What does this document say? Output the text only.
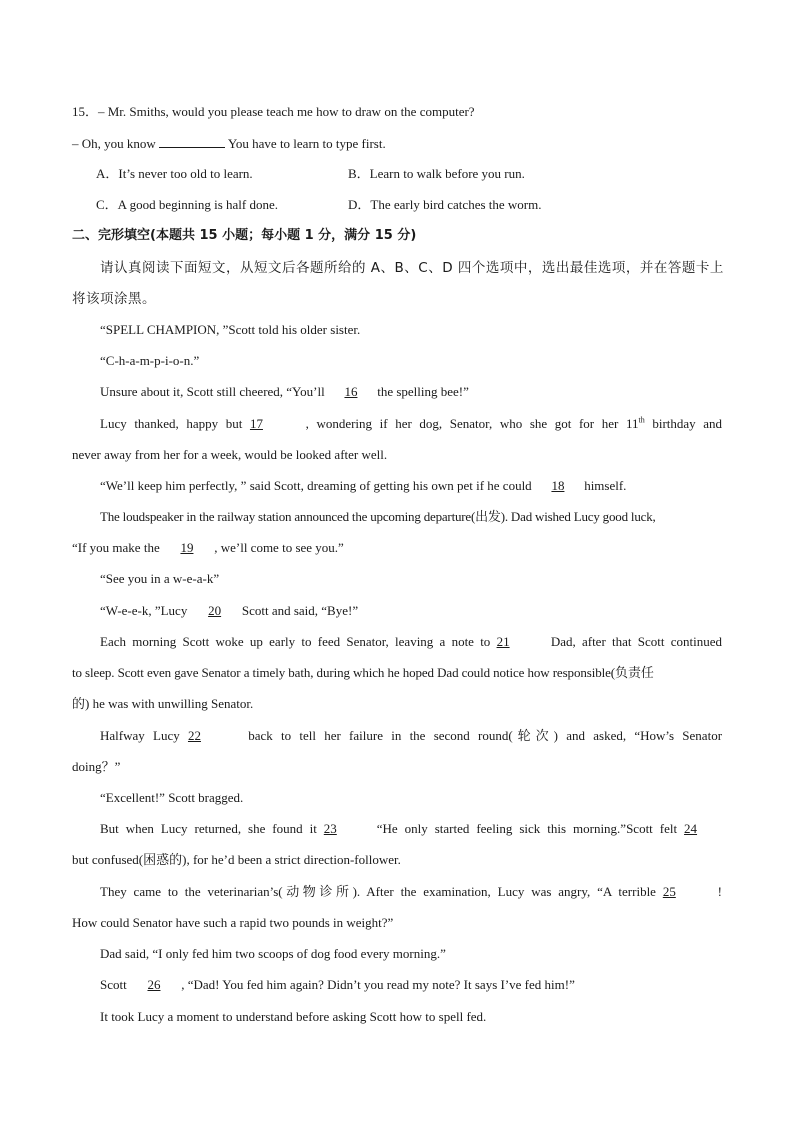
15．– Mr. Smiths, would you please teach me how to draw on the computer?
– Oh, you know	You have to learn to type first.
A．It’s never too old to learn.	B．Learn to walk before you run.
C．A good beginning is half done.	D．The early bird catches the worm.
二、完形填空(本题共 15 小题；每小题 1 分，满分 15 分)
请认真阅读下面短文，从短文后各题所给的 A、B、C、D 四个选项中，选出最佳选项，并在答题卡上
将该项涂黑。
“SPELL CHAMPION, ”Scott told his older sister.
“C-h-a-m-p-i-o-n.”
Unsure about it, Scott still cheered, “You’ll 16 the spelling bee!”
Lucy thanked, happy but 17	, wondering if her dog, Senator, who she got for her 11th birthday and
never away from her for a week, would be looked after well.
“We’ll keep him perfectly, ” said Scott, dreaming of getting his own pet if he could 18 himself.
The loudspeaker in the railway station announced the upcoming departure(出发). Dad wished Lucy good luck,
“If you make the 19 , we’ll come to see you.”
“See you in a w-e-a-k”
“W-e-e-k, ”Lucy 20 Scott and said, “Bye!”
Each morning Scott woke up early to feed Senator, leaving a note to 21	Dad, after that Scott continued
to sleep. Scott even gave Senator a timely bath, during which he hoped Dad could notice how responsible(负责任
的) he was with unwilling Senator.
Halfway Lucy 22	back to tell her failure in the second round(轮次) and asked, “How’s Senator
doing？”
“Excellent!” Scott bragged.
But when Lucy returned, she found it 23	“He only started feeling sick this morning.”Scott felt 24
but confused(困惑的), for he’d been a strict direction-follower.
They came to the veterinarian’s(动物诊所). After the examination, Lucy was angry, “A terrible 25	!
How could Senator have such a rapid two pounds in weight?”
Dad said, “I only fed him two scoops of dog food every morning.”
Scott 26 , “Dad! You fed him again? Didn’t you read my note? It says I’ve fed him!”
It took Lucy a moment to understand before asking Scott how to spell fed.
